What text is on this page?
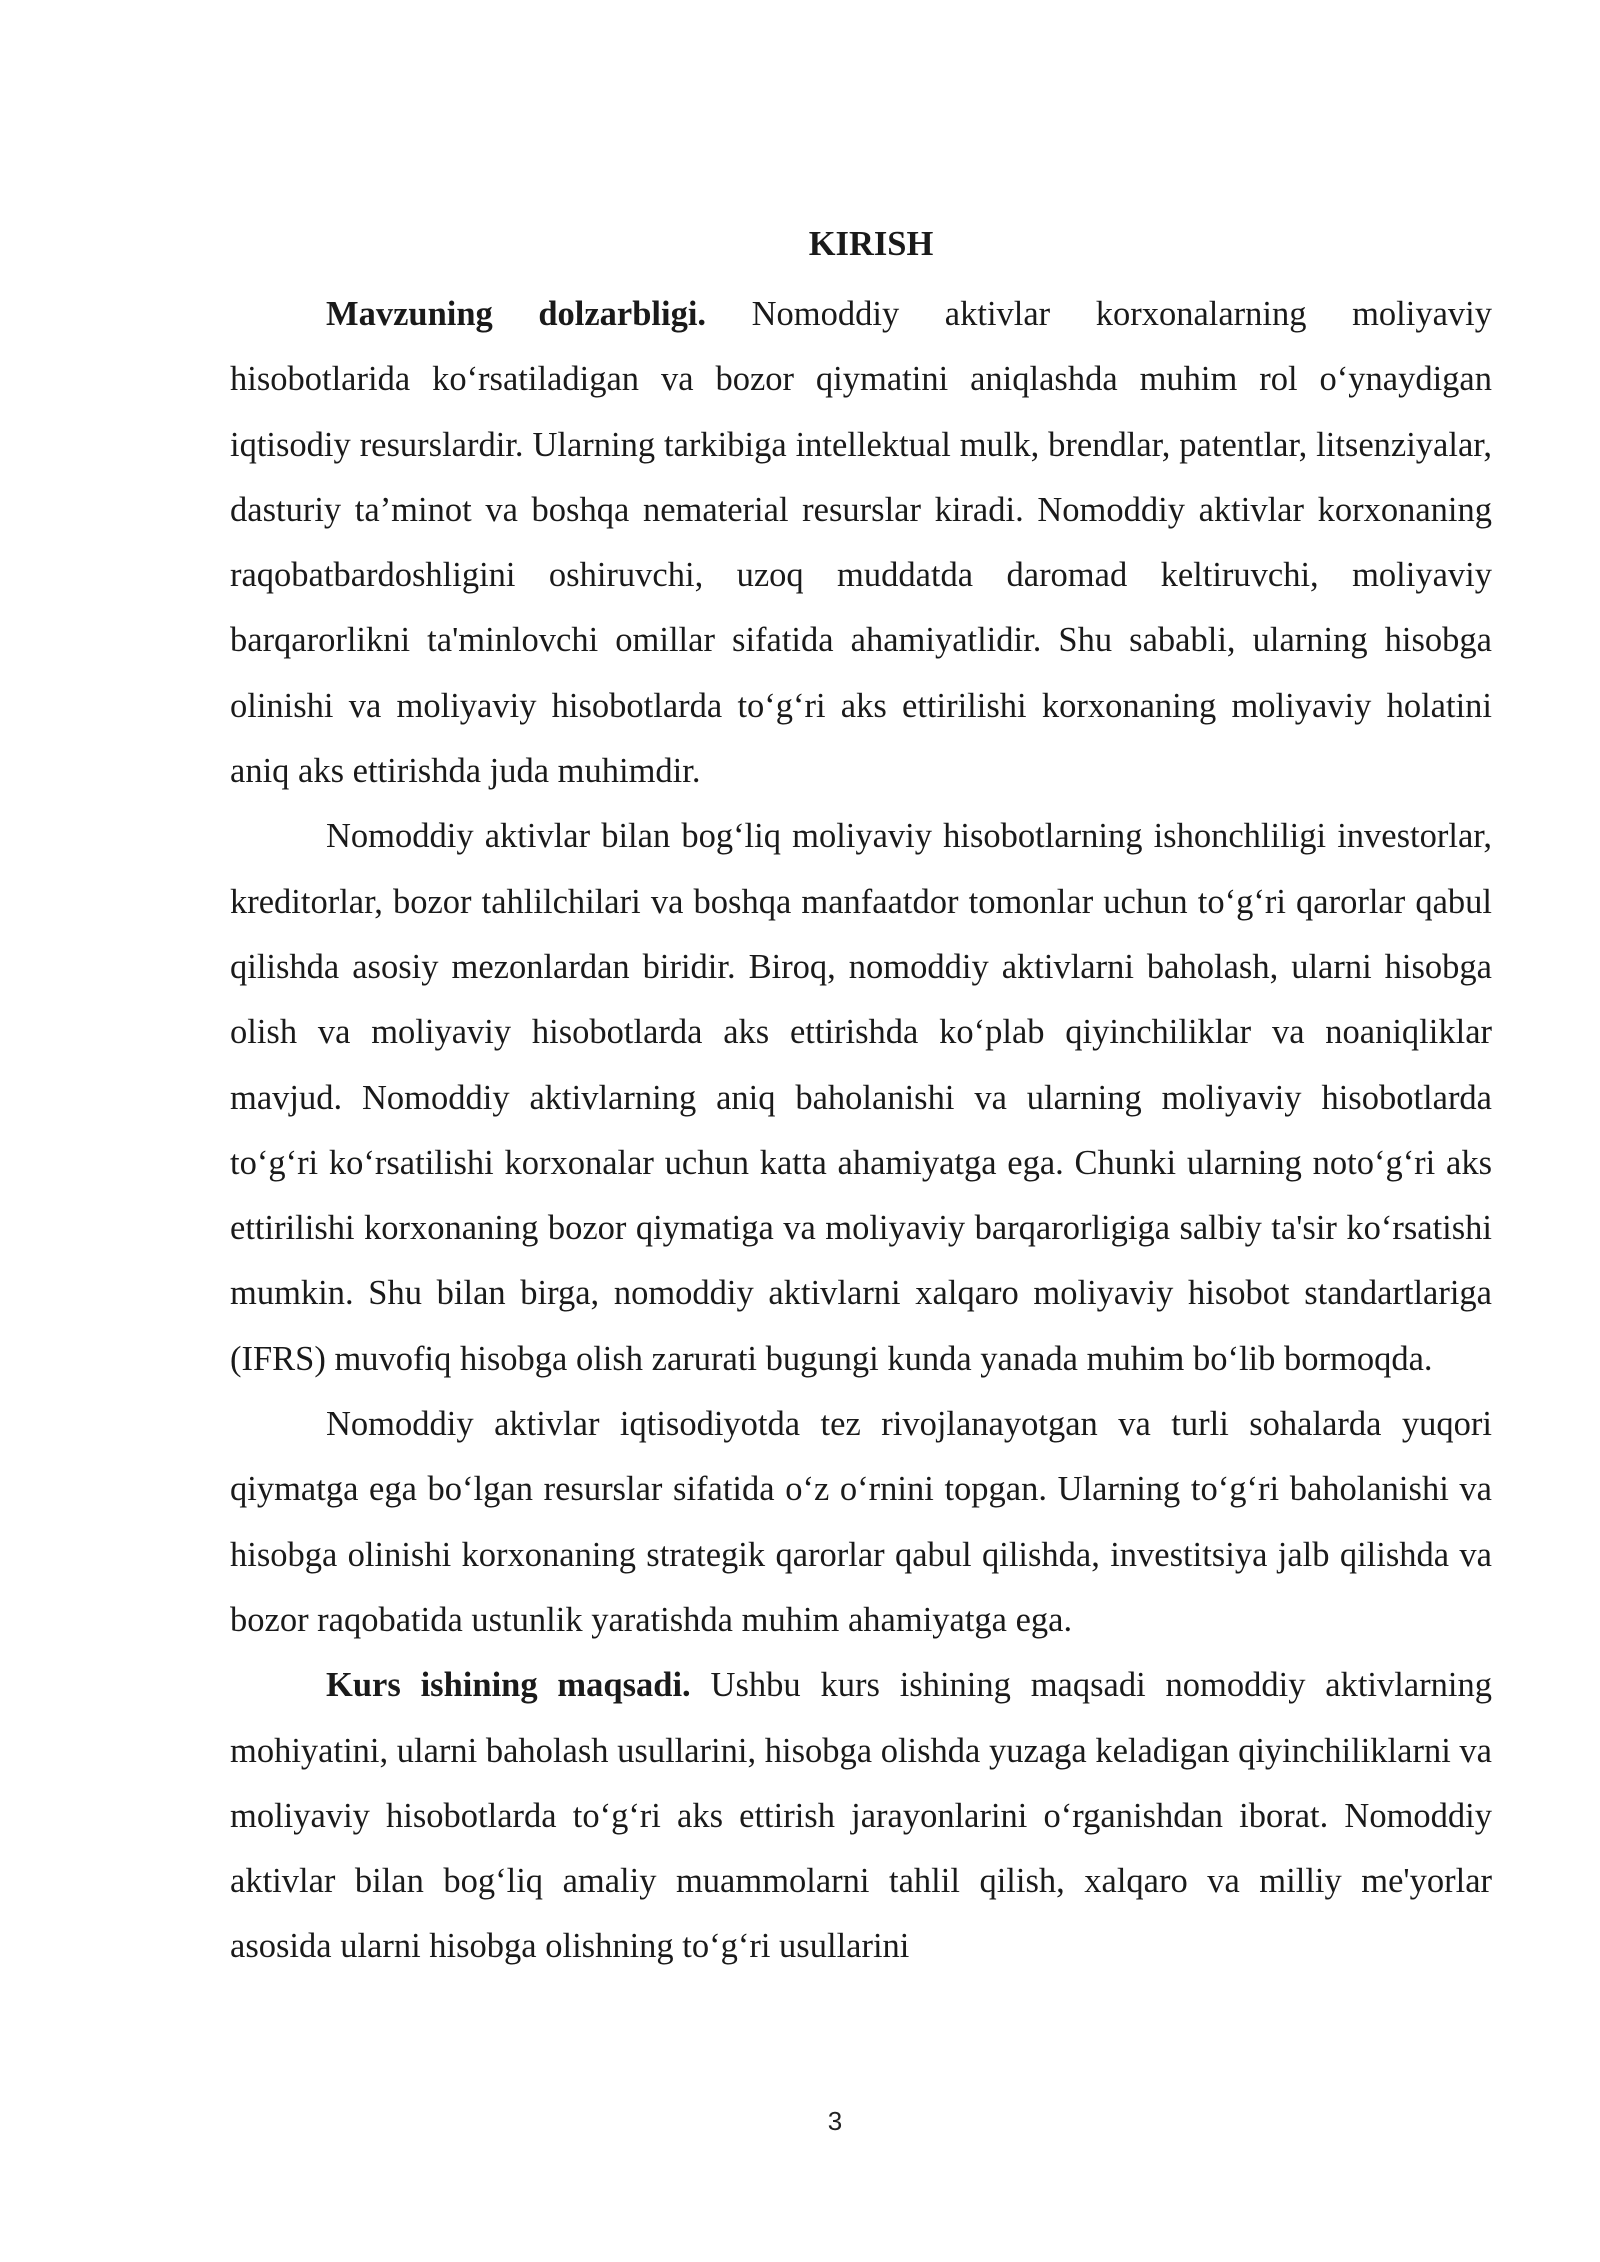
KIRISH

Mavzuning dolzarbligi. Nomoddiy aktivlar korxonalarning moliyaviy hisobotlarida koʻrsatiladigan va bozor qiymatini aniqlashda muhim rol oʻynaydigan iqtisodiy resurslardir. Ularning tarkibiga intellektual mulk, brendlar, patentlar, litsenziyalar, dasturiy ta’minot va boshqa nematerial resurslar kiradi. Nomoddiy aktivlar korxonaning raqobatbardoshligini oshiruvchi, uzoq muddatda daromad keltiruvchi, moliyaviy barqarorlikni ta'minlovchi omillar sifatida ahamiyatlidir. Shu sababli, ularning hisobga olinishi va moliyaviy hisobotlarda toʻgʻri aks ettirilishi korxonaning moliyaviy holatini aniq aks ettirishda juda muhimdir.

Nomoddiy aktivlar bilan bogʻliq moliyaviy hisobotlarning ishonchliligi investorlar, kreditorlar, bozor tahlilchilari va boshqa manfaatdor tomonlar uchun toʻgʻri qarorlar qabul qilishda asosiy mezonlardan biridir. Biroq, nomoddiy aktivlarni baholash, ularni hisobga olish va moliyaviy hisobotlarda aks ettirishda koʻplab qiyinchiliklar va noaniqliklar mavjud. Nomoddiy aktivlarning aniq baholanishi va ularning moliyaviy hisobotlarda toʻgʻri koʻrsatilishi korxonalar uchun katta ahamiyatga ega. Chunki ularning notoʻgʻri aks ettirilishi korxonaning bozor qiymatiga va moliyaviy barqarorligiga salbiy ta'sir koʻrsatishi mumkin. Shu bilan birga, nomoddiy aktivlarni xalqaro moliyaviy hisobot standartlariga (IFRS) muvofiq hisobga olish zarurati bugungi kunda yanada muhim boʻlib bormoqda.

Nomoddiy aktivlar iqtisodiyotda tez rivojlanayotgan va turli sohalarda yuqori qiymatga ega boʻlgan resurslar sifatida oʻz oʻrnini topgan. Ularning toʻgʻri baholanishi va hisobga olinishi korxonaning strategik qarorlar qabul qilishda, investitsiya jalb qilishda va bozor raqobatida ustunlik yaratishda muhim ahamiyatga ega.

Kurs ishining maqsadi. Ushbu kurs ishining maqsadi nomoddiy aktivlarning mohiyatini, ularni baholash usullarini, hisobga olishda yuzaga keladigan qiyinchiliklarni va moliyaviy hisobotlarda toʻgʻri aks ettirish jarayonlarini oʻrganishdan iborat. Nomoddiy aktivlar bilan bogʻliq amaliy muammolarni tahlil qilish, xalqaro va milliy me'yorlar asosida ularni hisobga olishning toʻgʻri usullarini

3
